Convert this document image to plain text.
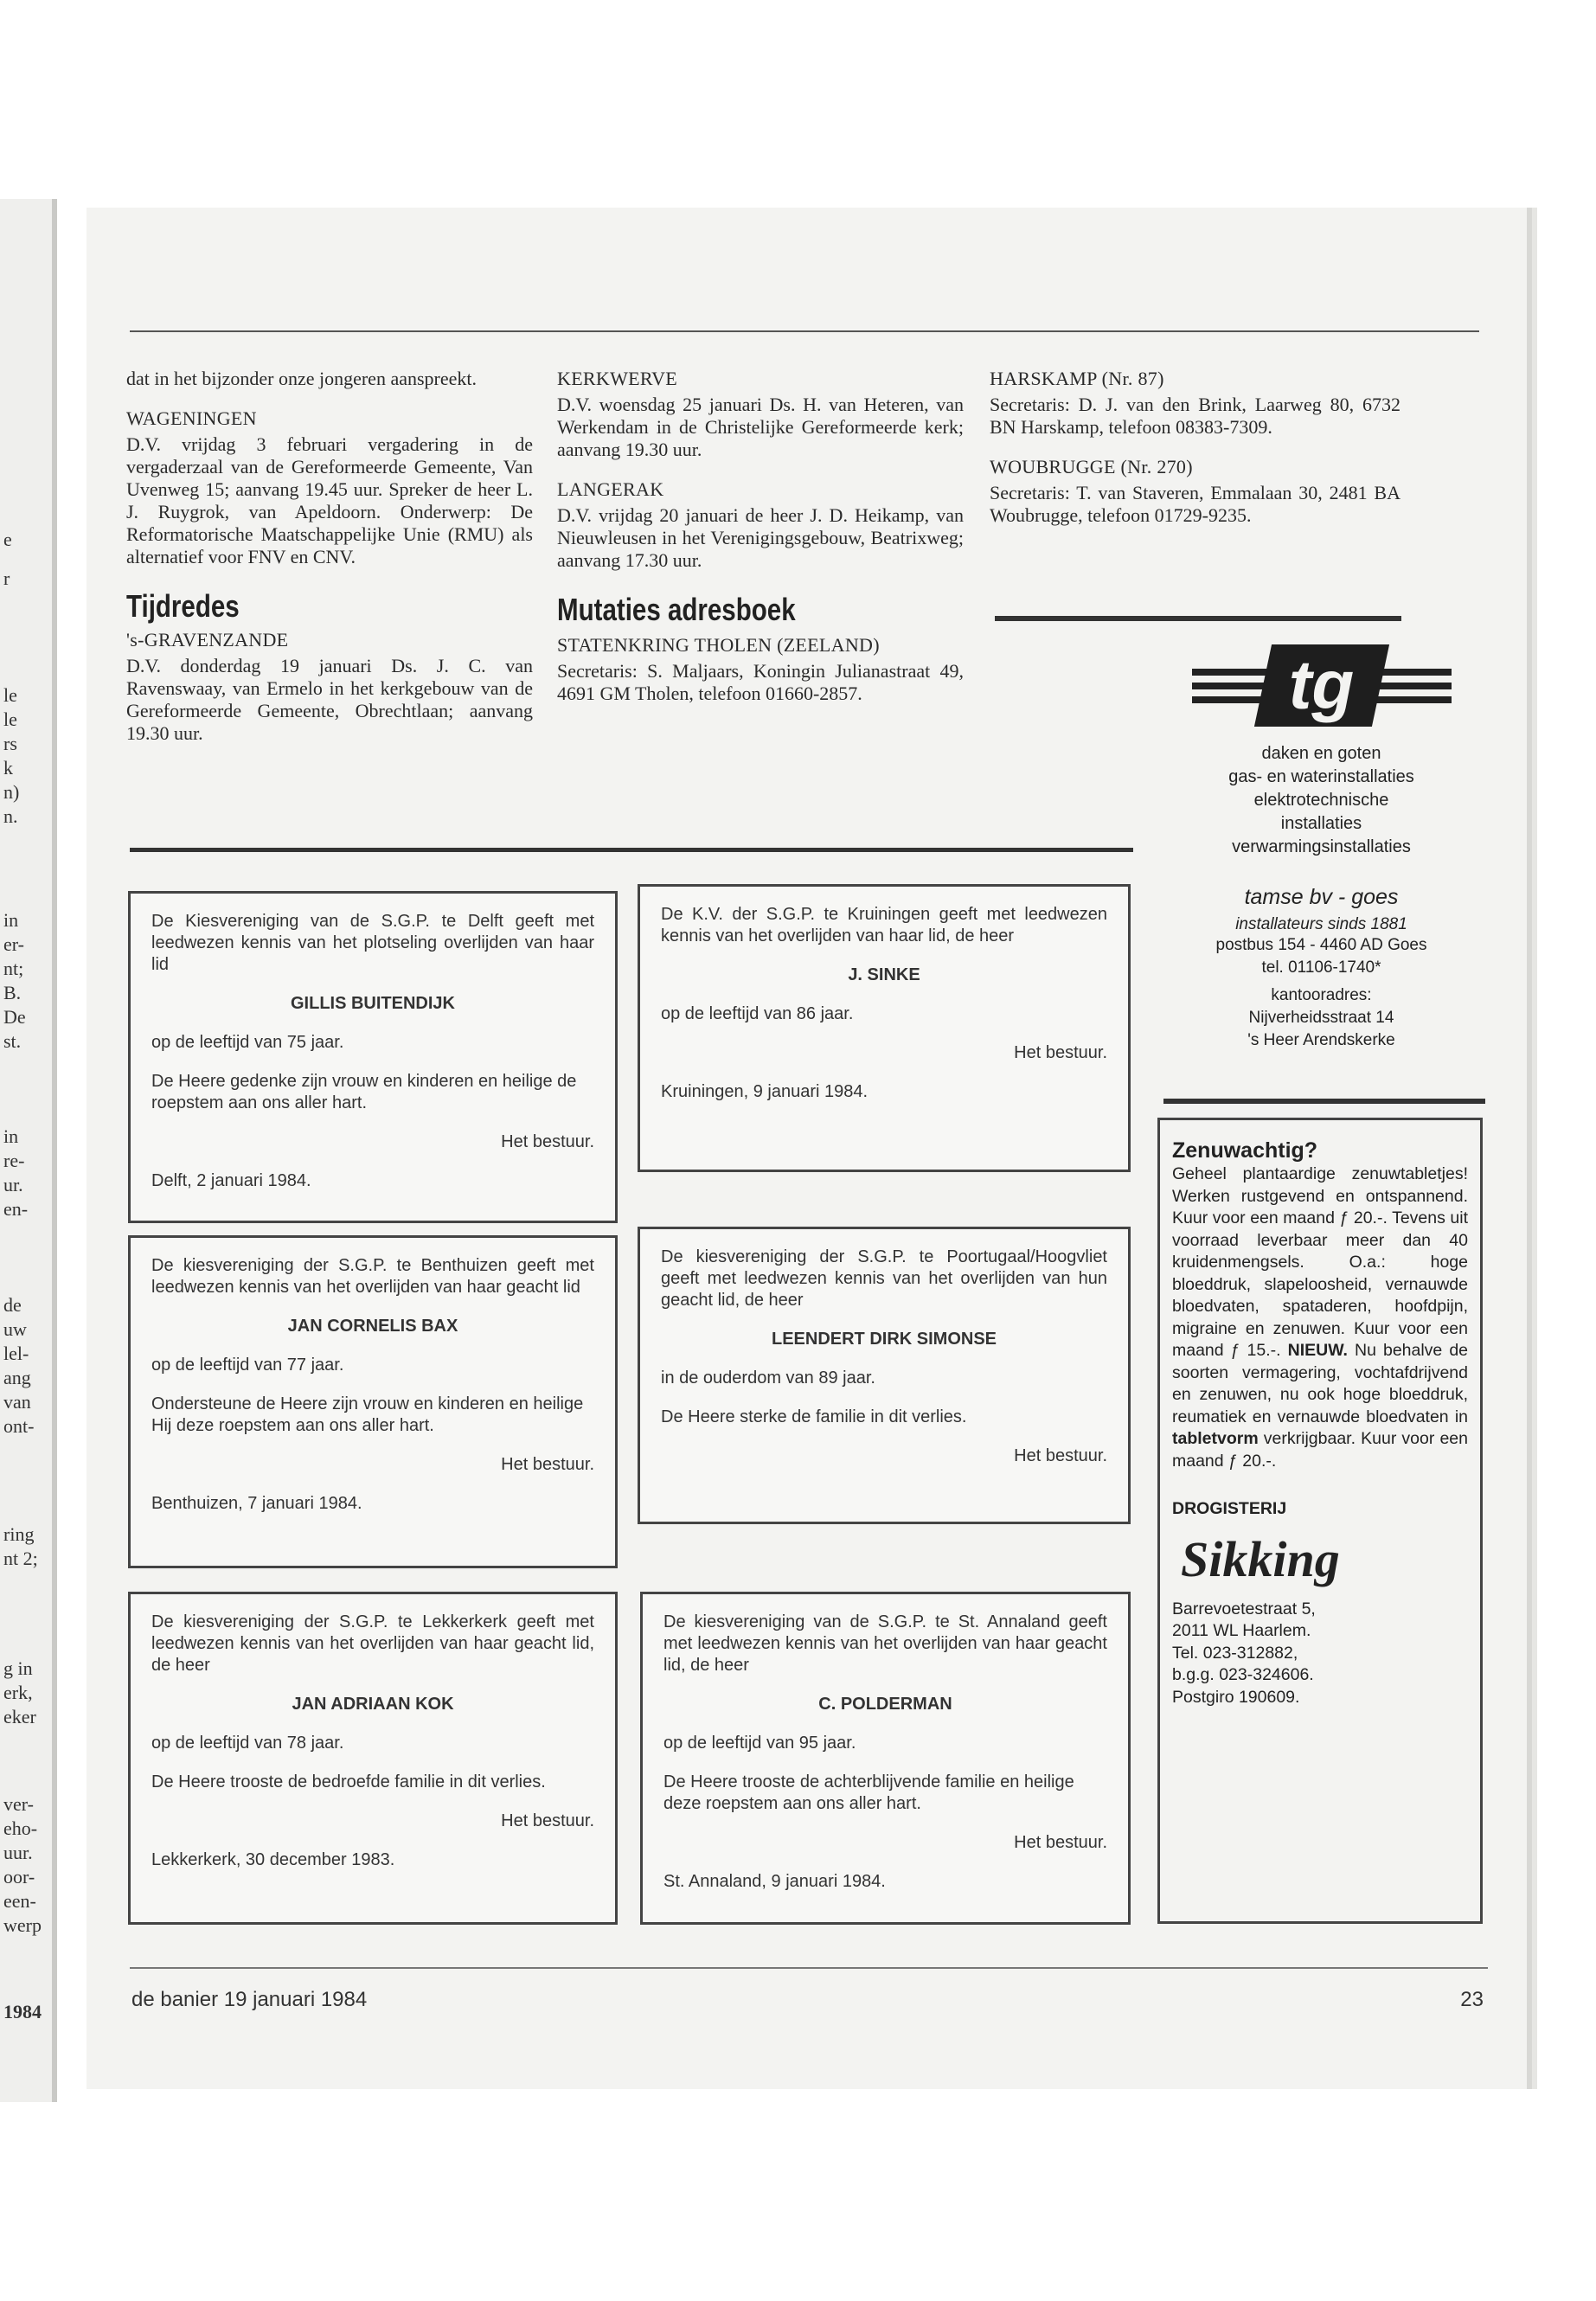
e
r
le
le
rs
k
n)
n.
in
er-
nt;
B.
De
st.
in
re-
ur.
en-
de
uw
lel-
ang
van
ont-
ring
nt 2;
g in
erk,
eker
ver-
eho-
uur.
oor-
een-
werp
1984
dat in het bijzonder onze jongeren aanspreekt.
WAGENINGEN
D.V. vrijdag 3 februari vergadering in de vergaderzaal van de Gereformeerde Gemeente, Van Uvenweg 15; aanvang 19.45 uur. Spreker de heer L. J. Ruygrok, van Apeldoorn. Onderwerp: De Reformatorische Maatschappelijke Unie (RMU) als alternatief voor FNV en CNV.
Tijdredes
's-GRAVENZANDE
D.V. donderdag 19 januari Ds. J. C. van Ravenswaay, van Ermelo in het kerkgebouw van de Gereformeerde Gemeente, Obrechtlaan; aanvang 19.30 uur.
KERKWERVE
D.V. woensdag 25 januari Ds. H. van Heteren, van Werkendam in de Christelijke Gereformeerde kerk; aanvang 19.30 uur.
LANGERAK
D.V. vrijdag 20 januari de heer J. D. Heikamp, van Nieuwleusen in het Verenigingsgebouw, Beatrixweg; aanvang 17.30 uur.
Mutaties adresboek
STATENKRING THOLEN (ZEELAND)
Secretaris: S. Maljaars, Koningin Julianastraat 49, 4691 GM Tholen, telefoon 01660-2857.
HARSKAMP (Nr. 87)
Secretaris: D. J. van den Brink, Laarweg 80, 6732 BN Harskamp, telefoon 08383-7309.
WOUBRUGGE (Nr. 270)
Secretaris: T. van Staveren, Emmalaan 30, 2481 BA Woubrugge, telefoon 01729-9235.
tg
daken en goten
gas- en waterinstallaties
elektrotechnische
installaties
verwarmingsinstallaties
tamse bv - goes
installateurs sinds 1881
postbus 154 - 4460 AD Goes
tel. 01106-1740*
kantooradres:
Nijverheidsstraat 14
's Heer Arendskerke
Zenuwachtig?
Geheel plantaardige zenuwtabletjes! Werken rustgevend en ontspannend. Kuur voor een maand ƒ 20.-. Tevens uit voorraad leverbaar meer dan 40 kruidenmengsels. O.a.: hoge bloeddruk, slapeloosheid, vernauwde bloedvaten, spataderen, hoofdpijn, migraine en zenuwen. Kuur voor een maand ƒ 15.-. NIEUW. Nu behalve de soorten vermagering, vochtafdrijvend en zenuwen, nu ook hoge bloeddruk, reumatiek en vernauwde bloedvaten in tabletvorm verkrijgbaar. Kuur voor een maand ƒ 20.-.
DROGISTERIJ
Sikking
Barrevoetestraat 5,
2011 WL Haarlem.
Tel. 023-312882,
b.g.g. 023-324606.
Postgiro 190609.

De Kiesvereniging van de S.G.P. te Delft geeft met leedwezen kennis van het plotseling overlijden van haar lid

GILLIS BUITENDIJK

op de leeftijd van 75 jaar.

De Heere gedenke zijn vrouw en kinderen en heilige de roepstem aan ons aller hart.

Het bestuur.

Delft, 2 januari 1984.

De K.V. der S.G.P. te Kruiningen geeft met leedwezen kennis van het overlijden van haar lid, de heer

J. SINKE

op de leeftijd van 86 jaar.

Het bestuur.

Kruiningen, 9 januari 1984.

De kiesvereniging der S.G.P. te Benthuizen geeft met leedwezen kennis van het overlijden van haar geacht lid

JAN CORNELIS BAX

op de leeftijd van 77 jaar.

Ondersteune de Heere zijn vrouw en kinderen en heilige Hij deze roepstem aan ons aller hart.

Het bestuur.

Benthuizen, 7 januari 1984.

De kiesvereniging der S.G.P. te Poortugaal/Hoogvliet geeft met leedwezen kennis van het overlijden van hun geacht lid, de heer

LEENDERT DIRK SIMONSE

in de ouderdom van 89 jaar.

De Heere sterke de familie in dit verlies.

Het bestuur.

De kiesvereniging der S.G.P. te Lekkerkerk geeft met leedwezen kennis van het overlijden van haar geacht lid, de heer

JAN ADRIAAN KOK

op de leeftijd van 78 jaar.

De Heere trooste de bedroefde familie in dit verlies.

Het bestuur.

Lekkerkerk, 30 december 1983.

De kiesvereniging van de S.G.P. te St. Annaland geeft met leedwezen kennis van het overlijden van haar geacht lid, de heer

C. POLDERMAN

op de leeftijd van 95 jaar.

De Heere trooste de achterblijvende familie en heilige deze roepstem aan ons aller hart.

Het bestuur.

St. Annaland, 9 januari 1984.

de banier 19 januari 1984	23
